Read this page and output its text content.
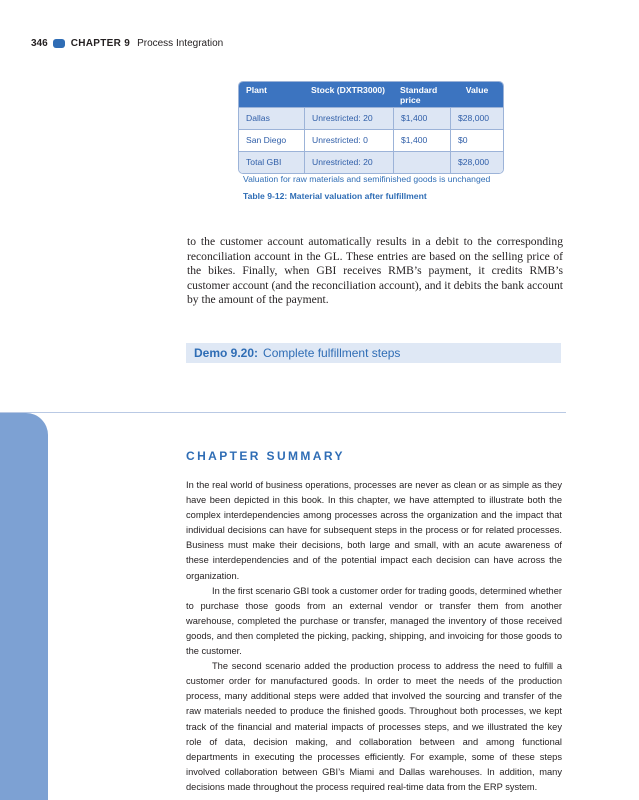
346 CHAPTER 9 Process Integration
Plant	Stock (DXTR3000)	Standard price	Value
Dallas	Unrestricted: 20	$1,400	$28,000
San Diego	Unrestricted: 0	$1,400	$0
Total GBI	Unrestricted: 20		$28,000
Valuation for raw materials and semifinished goods is unchanged
Table 9-12: Material valuation after fulfillment

to the customer account automatically results in a debit to the corresponding reconciliation account in the GL. These entries are based on the selling price of the bikes. Finally, when GBI receives RMB’s payment, it credits RMB’s customer account (and the reconciliation account), and it debits the bank account by the amount of the payment.

Demo 9.20: Complete fulfillment steps
CHAPTER SUMMARY

In the real world of business operations, processes are never as clean or as simple as they have been depicted in this book. In this chapter, we have attempted to illustrate both the complex interdependencies among processes across the organization and the impact that individual decisions can have for subsequent steps in the process or for related processes. Business must make their decisions, both large and small, with an acute awareness of these interdependencies and of the potential impact each decision can have across the organization.

In the first scenario GBI took a customer order for trading goods, determined whether to purchase those goods from an external vendor or transfer them from another warehouse, completed the purchase or transfer, managed the inventory of those received goods, and then completed the picking, packing, shipping, and invoicing for those goods to the customer.

The second scenario added the production process to address the need to fulfill a customer order for manufactured goods. In order to meet the needs of the production process, many additional steps were added that involved the sourcing and transfer of the raw materials needed to produce the finished goods. Throughout both processes, we kept track of the financial and material impacts of processes steps, and we illustrated the key role of data, decision making, and collaboration between and among functional departments in executing the processes efficiently. For example, some of these steps involved collaboration between GBI’s Miami and Dallas warehouses. In addition, many decisions made throughout the process required real-time data from the ERP system.
